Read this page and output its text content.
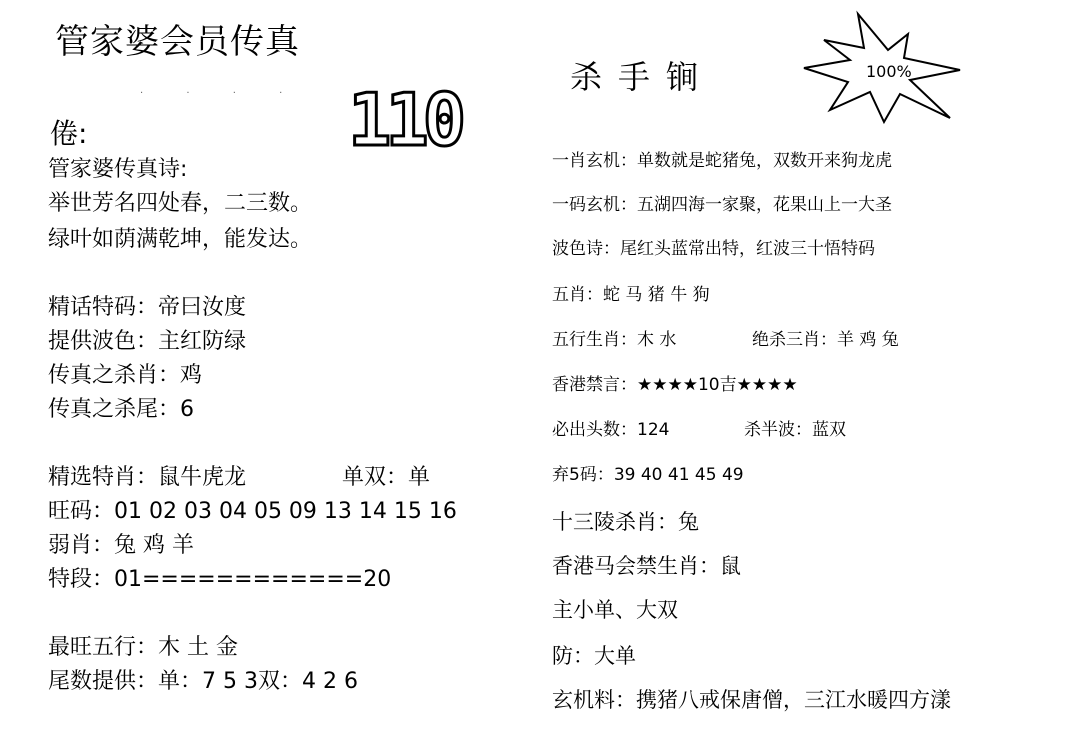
管家婆会员传真
· · · ·
倦:	110
管家婆传真诗:
举世芳名四处春，二三数。
绿叶如荫满乾坤，能发达。
精话特码：帝曰汝度
提供波色：主红防绿
传真之杀肖：鸡
传真之杀尾：6
精选特肖：鼠牛虎龙	单双：单
旺码：01 02 03 04 05 09 13 14 15 16
弱肖：兔 鸡 羊
特段：01============20
最旺五行：木 土 金
尾数提供：单：7 5 3双：4 2 6
杀手锏	100%
一肖玄机：单数就是蛇猪兔，双数开来狗龙虎
一码玄机：五湖四海一家聚，花果山上一大圣
波色诗：尾红头蓝常出特，红波三十悟特码
五肖：蛇 马 猪 牛 狗
五行生肖：木 水	绝杀三肖：羊 鸡 兔
香港禁言：★★★★10吉★★★★
必出头数：124	杀半波：蓝双
弃5码：39 40 41 45 49
十三陵杀肖：兔
香港马会禁生肖：鼠
主小单、大双
防：大单
玄机料：携猪八戒保唐僧，三江水暖四方漾
